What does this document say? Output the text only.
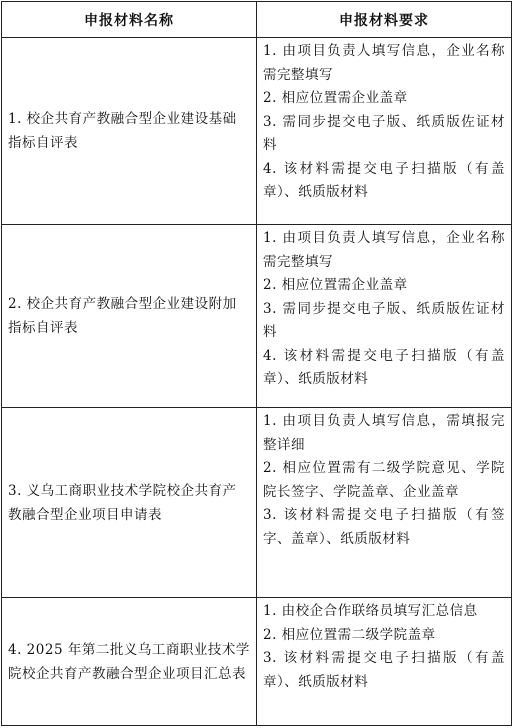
申报材料名称	申报材料要求
1. 校企共育产教融合型企业建设基础指标自评表	1. 由项目负责人填写信息，企业名称需完整填写
2. 相应位置需企业盖章
3. 需同步提交电子版、纸质版佐证材料
4. 该材料需提交电子扫描版（有盖章）、纸质版材料

2. 校企共育产教融合型企业建设附加指标自评表	1. 由项目负责人填写信息，企业名称需完整填写
2. 相应位置需企业盖章
3. 需同步提交电子版、纸质版佐证材料
4. 该材料需提交电子扫描版（有盖章）、纸质版材料

3. 义乌工商职业技术学院校企共育产教融合型企业项目申请表	1. 由项目负责人填写信息，需填报完整详细
2. 相应位置需有二级学院意见、学院院长签字、学院盖章、企业盖章
3. 该材料需提交电子扫描版（有签字、盖章）、纸质版材料

4. 2025 年第二批义乌工商职业技术学院校企共育产教融合型企业项目汇总表	1. 由校企合作联络员填写汇总信息
2. 相应位置需二级学院盖章
3. 该材料需提交电子扫描版（有盖章）、纸质版材料
